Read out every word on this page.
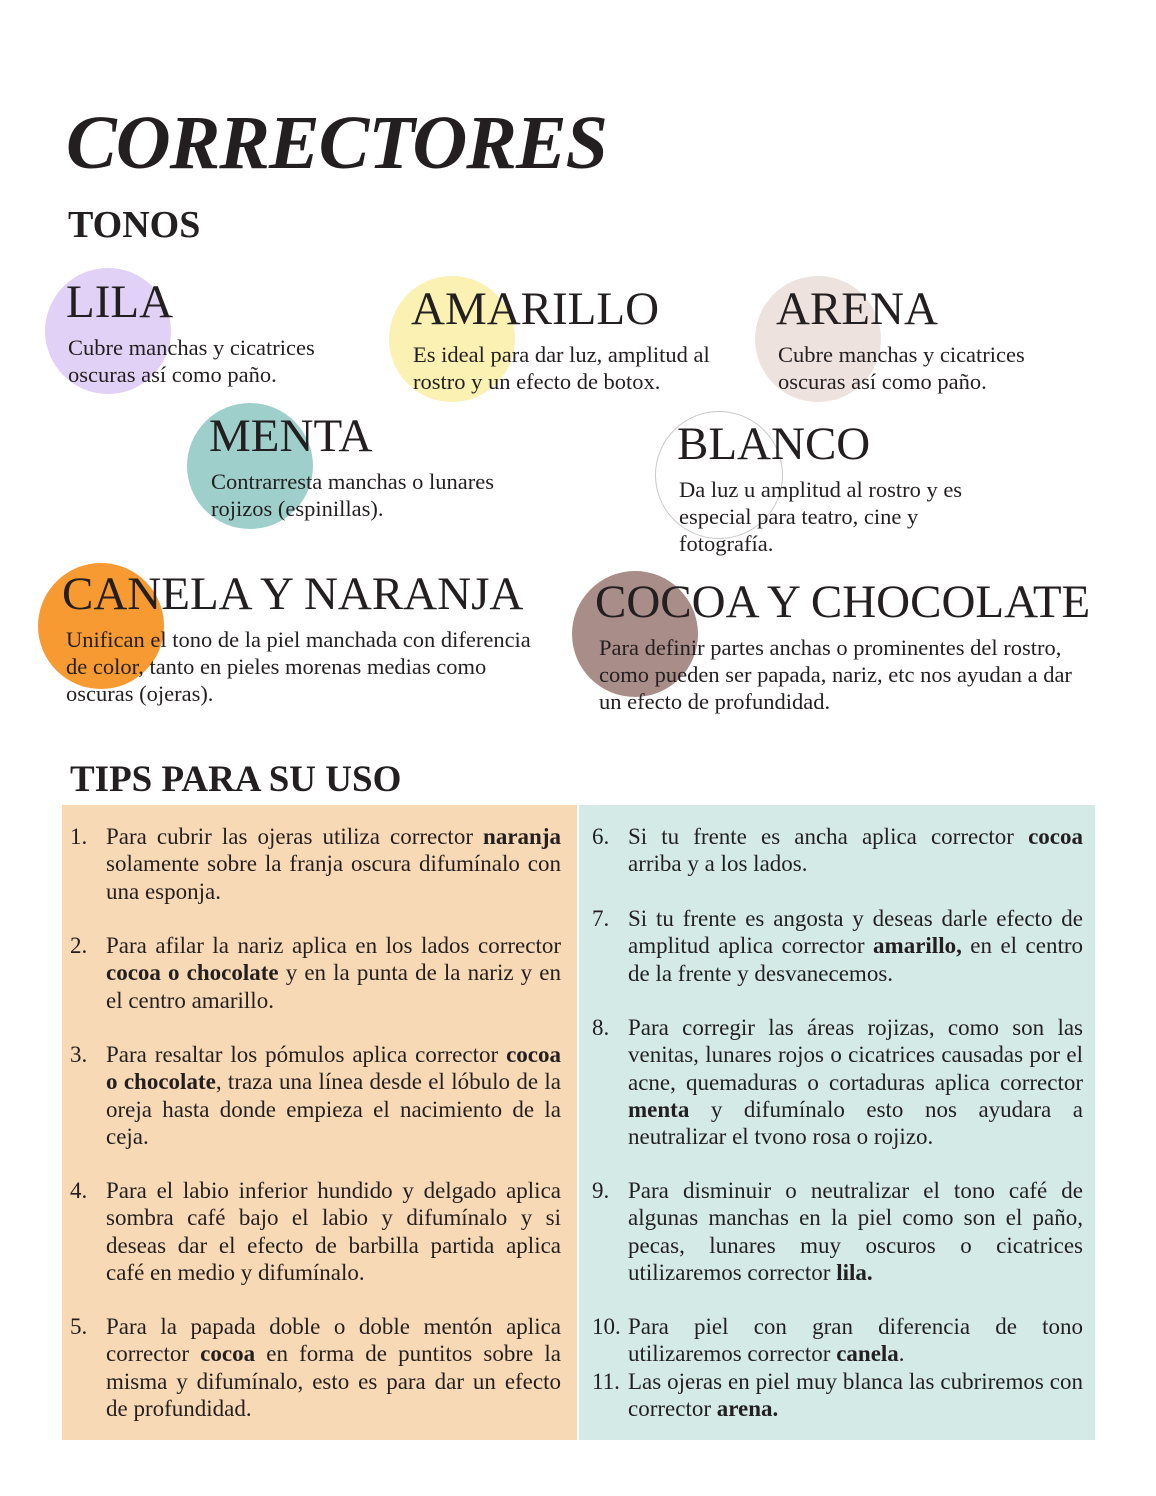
CORRECTORES
TONOS
LILA

Cubre manchas y cicatrices oscuras así como paño.

AMARILLO

Es ideal para dar luz, amplitud al rostro y un efecto de botox.

ARENA

Cubre manchas y cicatrices oscuras así como paño.

MENTA

Contrarresta manchas o lunares rojizos (espinillas).

BLANCO

Da luz u amplitud al rostro y es especial para teatro, cine y fotografía.

CANELA Y NARANJA

Unifican el tono de la piel manchada con diferencia de color, tanto en pieles morenas medias como oscuras (ojeras).

COCOA Y CHOCOLATE

Para definir partes anchas o prominentes del rostro, como pueden ser papada, nariz, etc nos ayudan a dar un efecto de profundidad.

TIPS PARA SU USO
1. Para cubrir las ojeras utiliza corrector naranja solamente sobre la franja oscura difumínalo con una esponja.
2. Para afilar la nariz aplica en los lados corrector cocoa o chocolate y en la punta de la nariz y en el centro amarillo.
3. Para resaltar los pómulos aplica corrector cocoa o chocolate, traza una línea desde el lóbulo de la oreja hasta donde empieza el nacimiento de la ceja.
4. Para el labio inferior hundido y delgado aplica sombra café bajo el labio y difumínalo y si deseas dar el efecto de barbilla partida aplica café en medio y difumínalo.
5. Para la papada doble o doble mentón aplica corrector cocoa en forma de puntitos sobre la misma y difumínalo, esto es para dar un efecto de profundidad.
6. Si tu frente es ancha aplica corrector cocoa arriba y a los lados.
7. Si tu frente es angosta y deseas darle efecto de amplitud aplica corrector amarillo, en el centro de la frente y desvanecemos.
8. Para corregir las áreas rojizas, como son las venitas, lunares rojos o cicatrices causadas por el acne, quemaduras o cortaduras aplica corrector menta y difumínalo esto nos ayudara a neutralizar el tvono rosa o rojizo.
9. Para disminuir o neutralizar el tono café de algunas manchas en la piel como son el paño, pecas, lunares muy oscuros o cicatrices utilizaremos corrector lila.
10. Para piel con gran diferencia de tono utilizaremos corrector canela.
11. Las ojeras en piel muy blanca las cubriremos con corrector arena.
